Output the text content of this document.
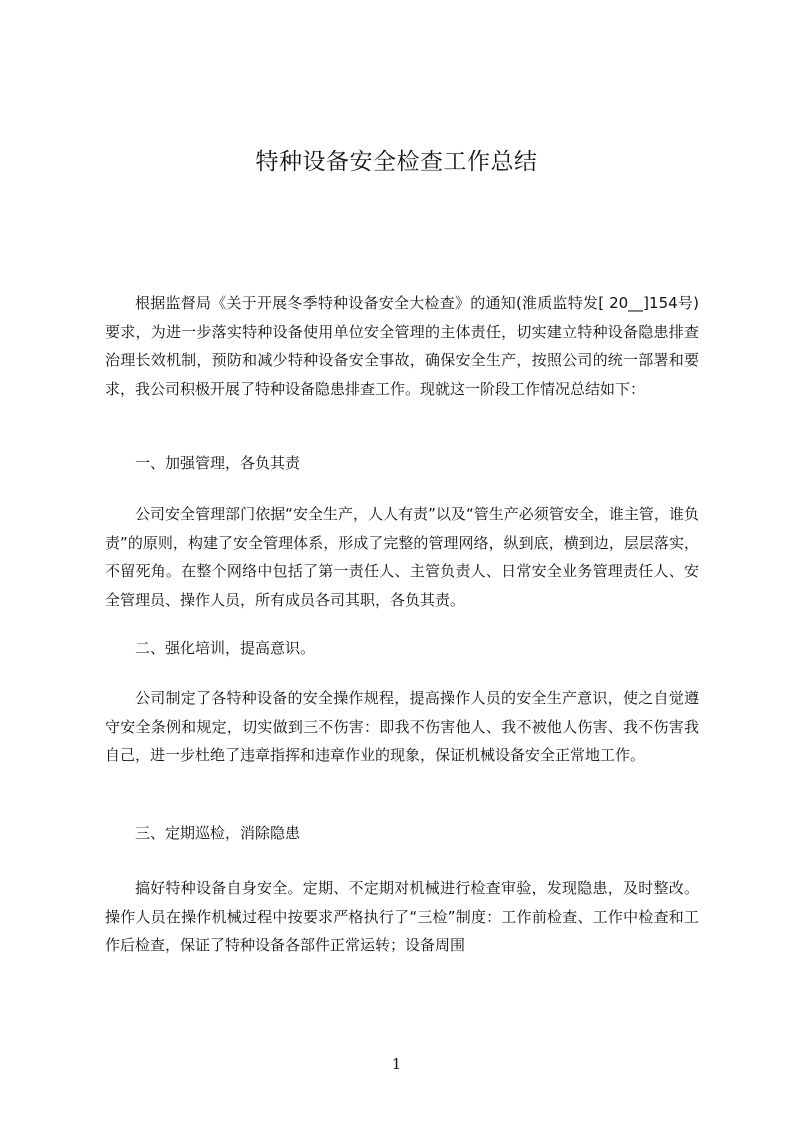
特种设备安全检查工作总结

根据监督局《关于开展冬季特种设备安全大检查》的通知(淮质监特发[ 20__]154号)要求，为进一步落实特种设备使用单位安全管理的主体责任，切实建立特种设备隐患排查治理长效机制，预防和减少特种设备安全事故，确保安全生产，按照公司的统一部署和要求，我公司积极开展了特种设备隐患排查工作。现就这一阶段工作情况总结如下：

一、加强管理，各负其责

公司安全管理部门依据“安全生产，人人有责”以及“管生产必须管安全，谁主管，谁负责”的原则，构建了安全管理体系，形成了完整的管理网络，纵到底，横到边，层层落实，不留死角。在整个网络中包括了第一责任人、主管负责人、日常安全业务管理责任人、安全管理员、操作人员，所有成员各司其职，各负其责。

二、强化培训，提高意识。

公司制定了各特种设备的安全操作规程，提高操作人员的安全生产意识，使之自觉遵守安全条例和规定，切实做到三不伤害：即我不伤害他人、我不被他人伤害、我不伤害我自己，进一步杜绝了违章指挥和违章作业的现象，保证机械设备安全正常地工作。

三、定期巡检，消除隐患

搞好特种设备自身安全。定期、不定期对机械进行检查审验，发现隐患，及时整改。操作人员在操作机械过程中按要求严格执行了“三检”制度：工作前检查、工作中检查和工作后检查，保证了特种设备各部件正常运转；设备周围

1
